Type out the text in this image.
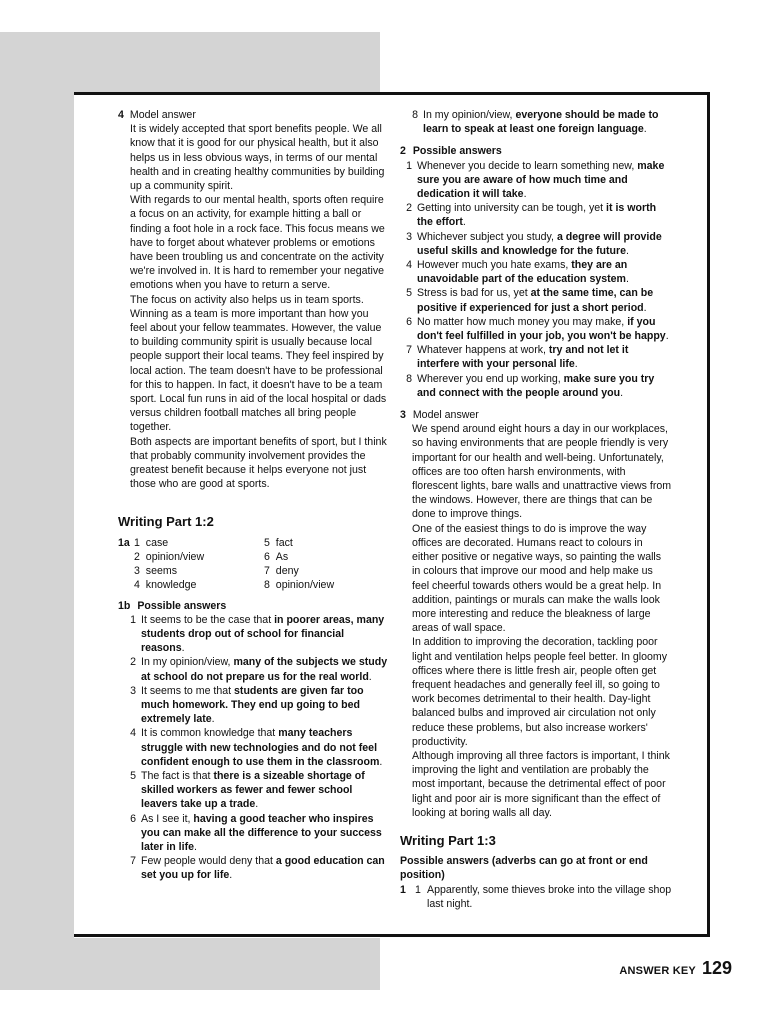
4 Model answer

It is widely accepted that sport benefits people. We all know that it is good for our physical health, but it also helps us in less obvious ways, in terms of our mental health and in creating healthy communities by building up a community spirit.

With regards to our mental health, sports often require a focus on an activity, for example hitting a ball or finding a foot hole in a rock face. This focus means we have to forget about whatever problems or emotions have been troubling us and concentrate on the activity we're involved in. It is hard to remember your negative emotions when you have to return a serve.

The focus on activity also helps us in team sports. Winning as a team is more important than how you feel about your fellow teammates. However, the value to building community spirit is usually because local people support their local teams. They feel inspired by local action. The team doesn't have to be professional for this to happen. In fact, it doesn't have to be a team sport. Local fun runs in aid of the local hospital or dads versus children football matches all bring people together.

Both aspects are important benefits of sport, but I think that probably community involvement provides the greatest benefit because it helps everyone not just those who are good at sports.

Writing Part 1:2
1a 1 case	5 fact
2 opinion/view	6 As
3 seems	7 deny
4 knowledge	8 opinion/view
1b Possible answers
1 It seems to be the case that in poorer areas, many students drop out of school for financial reasons.
2 In my opinion/view, many of the subjects we study at school do not prepare us for the real world.
3 It seems to me that students are given far too much homework. They end up going to bed extremely late.
4 It is common knowledge that many teachers struggle with new technologies and do not feel confident enough to use them in the classroom.
5 The fact is that there is a sizeable shortage of skilled workers as fewer and fewer school leavers take up a trade.
6 As I see it, having a good teacher who inspires you can make all the difference to your success later in life.
7 Few people would deny that a good education can set you up for life.
8 In my opinion/view, everyone should be made to learn to speak at least one foreign language.
2 Possible answers
1 Whenever you decide to learn something new, make sure you are aware of how much time and dedication it will take.
2 Getting into university can be tough, yet it is worth the effort.
3 Whichever subject you study, a degree will provide useful skills and knowledge for the future.
4 However much you hate exams, they are an unavoidable part of the education system.
5 Stress is bad for us, yet at the same time, can be positive if experienced for just a short period.
6 No matter how much money you may make, if you don't feel fulfilled in your job, you won't be happy.
7 Whatever happens at work, try and not let it interfere with your personal life.
8 Wherever you end up working, make sure you try and connect with the people around you.
3 Model answer

We spend around eight hours a day in our workplaces, so having environments that are people friendly is very important for our health and well-being. Unfortunately, offices are too often harsh environments, with florescent lights, bare walls and unattractive views from the windows. However, there are things that can be done to improve things.

One of the easiest things to do is improve the way offices are decorated. Humans react to colours in either positive or negative ways, so painting the walls in colours that improve our mood and help make us feel cheerful towards others would be a great help. In addition, paintings or murals can make the walls look more interesting and reduce the bleakness of large areas of wall space.

In addition to improving the decoration, tackling poor light and ventilation helps people feel better. In gloomy offices where there is little fresh air, people often get frequent headaches and generally feel ill, so going to work becomes detrimental to their health. Day-light balanced bulbs and improved air circulation not only reduce these problems, but also increase workers' productivity.

Although improving all three factors is important, I think improving the light and ventilation are probably the most important, because the detrimental effect of poor light and poor air is more significant than the effect of looking at boring walls all day.

Writing Part 1:3
Possible answers (adverbs can go at front or end position)
1 1 Apparently, some thieves broke into the village shop last night.
ANSWER KEY 129
